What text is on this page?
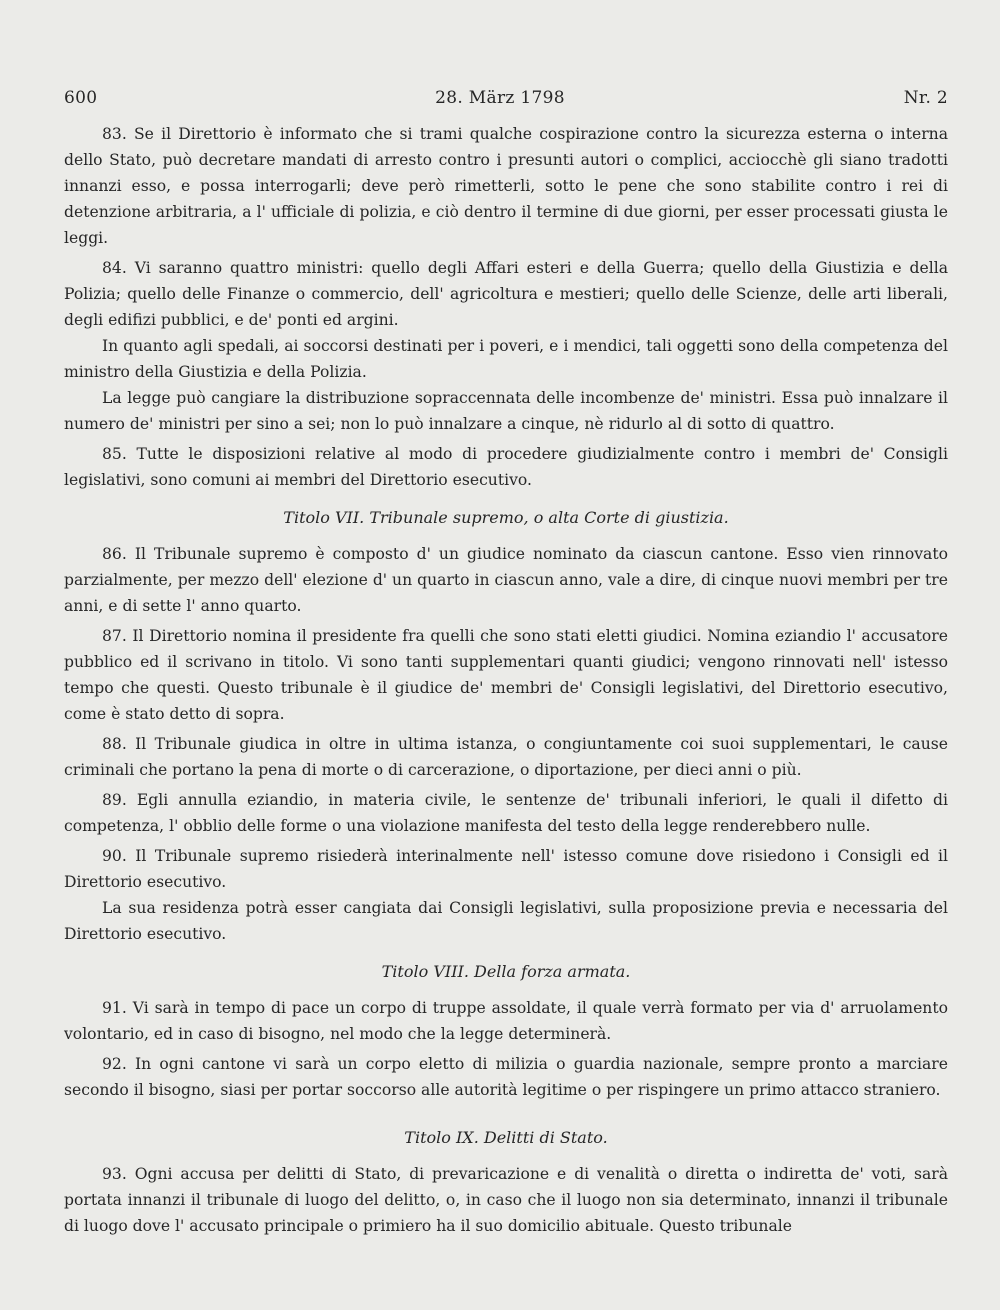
600	Nr. 2
28. März 1798

83. Se il Direttorio è informato che si trami qualche cospirazione contro la sicurezza esterna o interna dello Stato, può decretare mandati di arresto contro i presunti autori o complici, acciocchè gli siano tradotti innanzi esso, e possa interrogarli; deve però rimetterli, sotto le pene che sono stabilite contro i rei di detenzione arbitraria, a l' ufficiale di polizia, e ciò dentro il termine di due giorni, per esser processati giusta le leggi.

84. Vi saranno quattro ministri: quello degli Affari esteri e della Guerra; quello della Giustizia e della Polizia; quello delle Finanze o commercio, dell' agricoltura e mestieri; quello delle Scienze, delle arti liberali, degli edifizi pubblici, e de' ponti ed argini.

In quanto agli spedali, ai soccorsi destinati per i poveri, e i mendici, tali oggetti sono della competenza del ministro della Giustizia e della Polizia.

La legge può cangiare la distribuzione sopraccennata delle incombenze de' ministri. Essa può innalzare il numero de' ministri per sino a sei; non lo può innalzare a cinque, nè ridurlo al di sotto di quattro.

85. Tutte le disposizioni relative al modo di procedere giudizialmente contro i membri de' Consigli legislativi, sono comuni ai membri del Direttorio esecutivo.

Titolo VII. Tribunale supremo, o alta Corte di giustizia.

86. Il Tribunale supremo è composto d' un giudice nominato da ciascun cantone. Esso vien rinnovato parzialmente, per mezzo dell' elezione d' un quarto in ciascun anno, vale a dire, di cinque nuovi membri per tre anni, e di sette l' anno quarto.

87. Il Direttorio nomina il presidente fra quelli che sono stati eletti giudici. Nomina eziandio l' accusatore pubblico ed il scrivano in titolo. Vi sono tanti supplementari quanti giudici; vengono rinnovati nell' istesso tempo che questi. Questo tribunale è il giudice de' membri de' Consigli legislativi, del Direttorio esecutivo, come è stato detto di sopra.

88. Il Tribunale giudica in oltre in ultima istanza, o congiuntamente coi suoi supplementari, le cause criminali che portano la pena di morte o di carcerazione, o diportazione, per dieci anni o più.

89. Egli annulla eziandio, in materia civile, le sentenze de' tribunali inferiori, le quali il difetto di competenza, l' obblio delle forme o una violazione manifesta del testo della legge renderebbero nulle.

90. Il Tribunale supremo risiederà interinalmente nell' istesso comune dove risiedono i Consigli ed il Direttorio esecutivo.

La sua residenza potrà esser cangiata dai Consigli legislativi, sulla proposizione previa e necessaria del Direttorio esecutivo.

Titolo VIII. Della forza armata.

91. Vi sarà in tempo di pace un corpo di truppe assoldate, il quale verrà formato per via d' arruolamento volontario, ed in caso di bisogno, nel modo che la legge determinerà.

92. In ogni cantone vi sarà un corpo eletto di milizia o guardia nazionale, sempre pronto a marciare secondo il bisogno, siasi per portar soccorso alle autorità legitime o per rispingere un primo attacco straniero.

Titolo IX. Delitti di Stato.

93. Ogni accusa per delitti di Stato, di prevaricazione e di venalità o diretta o indiretta de' voti, sarà portata innanzi il tribunale di luogo del delitto, o, in caso che il luogo non sia determinato, innanzi il tribunale di luogo dove l' accusato principale o primiero ha il suo domicilio abituale. Questo tribunale
